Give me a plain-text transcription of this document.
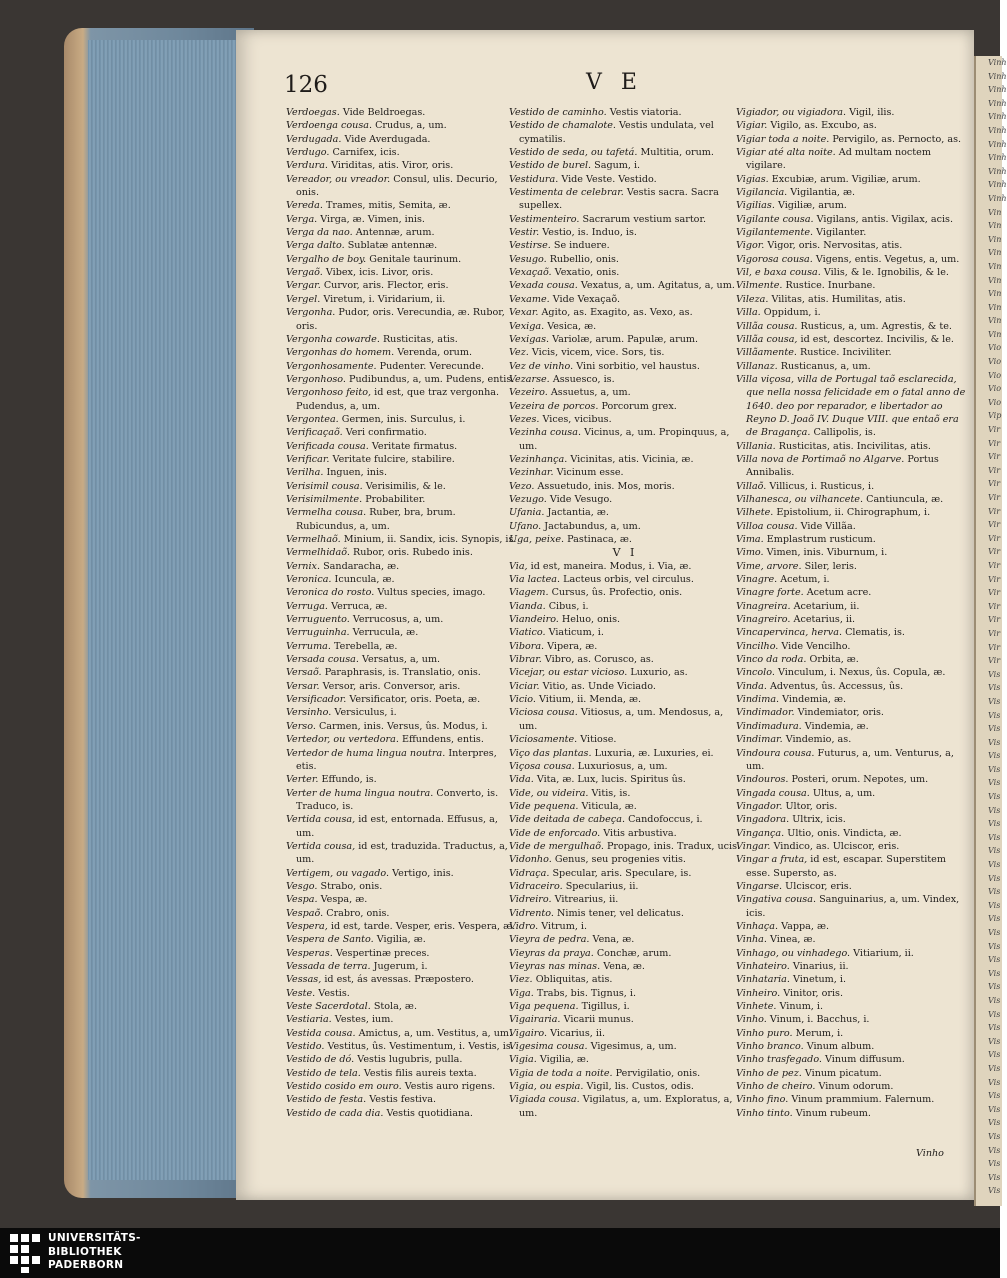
126	V E
Verdoegas. Vide Beldroegas.
Verdoenga cousa. Crudus, a, um.
Verdugada. Vide Averdugada.
Verdugo. Carnifex, icis.
Verdura. Viriditas, atis. Viror, oris.
Vereador, ou vreador. Consul, ulis. Decurio, onis.
Vereda. Trames, mitis, Semita, æ.
Verga. Virga, æ. Vimen, inis.
Verga da nao. Antennæ, arum.
Verga dalto. Sublatæ antennæ.
Vergalho de boy. Genitale taurinum.
Vergaõ. Vibex, icis. Livor, oris.
Vergar. Curvor, aris. Flector, eris.
Vergel. Viretum, i. Viridarium, ii.
Vergonha. Pudor, oris. Verecundia, æ. Rubor, oris.
Vergonha cowarde. Rusticitas, atis.
Vergonhas do homem. Verenda, orum.
Vergonhosamente. Pudenter. Verecunde.
Vergonhoso. Pudibundus, a, um. Pudens, entis.
Vergonhoso feito, id est, que traz vergonha. Pudendus, a, um.
Vergontea. Germen, inis. Surculus, i.
Verificaçaõ. Veri confirmatio.
Verificada cousa. Veritate firmatus.
Verificar. Veritate fulcire, stabilire.
Verilha. Inguen, inis.
Verisimil cousa. Verisimilis, & le.
Verisimilmente. Probabiliter.
Vermelha cousa. Ruber, bra, brum. Rubicundus, a, um.
Vermelhaõ. Minium, ii. Sandix, icis. Synopis, is.
Vermelhidaõ. Rubor, oris. Rubedo inis.
Vernix. Sandaracha, æ.
Veronica. Icuncula, æ.
Veronica do rosto. Vultus species, imago.
Verruga. Verruca, æ.
Verruguento. Verrucosus, a, um.
Verruguinha. Verrucula, æ.
Verruma. Terebella, æ.
Versada cousa. Versatus, a, um.
Versaõ. Paraphrasis, is. Translatio, onis.
Versar. Versor, aris. Conversor, aris.
Versificador. Versificator, oris. Poeta, æ.
Versinho. Versiculus, i.
Verso. Carmen, inis. Versus, ûs. Modus, i.
Vertedor, ou vertedora. Effundens, entis.
Vertedor de huma lingua noutra. Interpres, etis.
Verter. Effundo, is.
Verter de huma lingua noutra. Converto, is. Traduco, is.
Vertida cousa, id est, entornada. Effusus, a, um.
Vertida cousa, id est, traduzida. Traductus, a, um.
Vertigem, ou vagado. Vertigo, inis.
Vesgo. Strabo, onis.
Vespa. Vespa, æ.
Vespaõ. Crabro, onis.
Vespera, id est, tarde. Vesper, eris. Vespera, æ.
Vespera de Santo. Vigilia, æ.
Vesperas. Vespertinæ preces.
Vessada de terra. Jugerum, i.
Vessas, id est, ás avessas. Præpostero.
Veste. Vestis.
Veste Sacerdotal. Stola, æ.
Vestiaria. Vestes, ium.
Vestida cousa. Amictus, a, um. Vestitus, a, um.
Vestido. Vestitus, ûs. Vestimentum, i. Vestis, is.
Vestido de dó. Vestis lugubris, pulla.
Vestido de tela. Vestis filis aureis texta.
Vestido cosido em ouro. Vestis auro rigens.
Vestido de festa. Vestis festiva.
Vestido de cada dia. Vestis quotidiana.
Vestido de caminho. Vestis viatoria.
Vestido de chamalote. Vestis undulata, vel cymatilis.
Vestido de seda, ou tafetá. Multitia, orum.
Vestido de burel. Sagum, i.
Vestidura. Vide Veste. Vestido.
Vestimenta de celebrar. Vestis sacra. Sacra supellex.
Vestimenteiro. Sacrarum vestium sartor.
Vestir. Vestio, is. Induo, is.
Vestirse. Se induere.
Vesugo. Rubellio, onis.
Vexaçaõ. Vexatio, onis.
Vexada cousa. Vexatus, a, um. Agitatus, a, um.
Vexame. Vide Vexaçaõ.
Vexar. Agito, as. Exagito, as. Vexo, as.
Vexiga. Vesica, æ.
Vexigas. Variolæ, arum. Papulæ, arum.
Vez. Vicis, vicem, vice. Sors, tis.
Vez de vinho. Vini sorbitio, vel haustus.
Vezarse. Assuesco, is.
Vezeiro. Assuetus, a, um.
Vezeira de porcos. Porcorum grex.
Vezes. Vices, vicibus.
Vezinha cousa. Vicinus, a, um. Propinquus, a, um.
Vezinhança. Vicinitas, atis. Vicinia, æ.
Vezinhar. Vicinum esse.
Vezo. Assuetudo, inis. Mos, moris.
Vezugo. Vide Vesugo.
Ufania. Jactantia, æ.
Ufano. Jactabundus, a, um.
Uga, peixe. Pastinaca, æ.
V I
Via, id est, maneira. Modus, i. Via, æ.
Via lactea. Lacteus orbis, vel circulus.
Viagem. Cursus, ûs. Profectio, onis.
Vianda. Cibus, i.
Viandeiro. Heluo, onis.
Viatico. Viaticum, i.
Vibora. Vipera, æ.
Vibrar. Vibro, as. Corusco, as.
Vicejar, ou estar vicioso. Luxurio, as.
Viciar. Vitio, as. Unde Viciado.
Vicio. Vitium, ii. Menda, æ.
Viciosa cousa. Vitiosus, a, um. Mendosus, a, um.
Viciosamente. Vitiose.
Viço das plantas. Luxuria, æ. Luxuries, ei.
Viçosa cousa. Luxuriosus, a, um.
Vida. Vita, æ. Lux, lucis. Spiritus ûs.
Vide, ou videira. Vitis, is.
Vide pequena. Viticula, æ.
Vide deitada de cabeça. Candofoccus, i.
Vide de enforcado. Vitis arbustiva.
Vide de mergulhaõ. Propago, inis. Tradux, ucis.
Vidonho. Genus, seu progenies vitis.
Vidraça. Specular, aris. Speculare, is.
Vidraceiro. Specularius, ii.
Vidreiro. Vitrearius, ii.
Vidrento. Nimis tener, vel delicatus.
Vidro. Vitrum, i.
Vieyra de pedra. Vena, æ.
Vieyras da praya. Conchæ, arum.
Vieyras nas minas. Vena, æ.
Viez. Obliquitas, atis.
Viga. Trabs, bis. Tignus, i.
Viga pequena. Tigillus, i.
Vigairaria. Vicarii munus.
Vigairo. Vicarius, ii.
Vigesima cousa. Vigesimus, a, um.
Vigia. Vigilia, æ.
Vigia de toda a noite. Pervigilatio, onis.
Vigia, ou espia. Vigil, lis. Custos, odis.
Vigiada cousa. Vigilatus, a, um. Exploratus, a, um.
Vigiador, ou vigiadora. Vigil, ilis.
Vigiar. Vigilo, as. Excubo, as.
Vigiar toda a noite. Pervigilo, as. Pernocto, as.
Vigiar até alta noite. Ad multam noctem vigilare.
Vigias. Excubiæ, arum. Vigiliæ, arum.
Vigilancia. Vigilantia, æ.
Vigilias. Vigiliæ, arum.
Vigilante cousa. Vigilans, antis. Vigilax, acis.
Vigilantemente. Vigilanter.
Vigor. Vigor, oris. Nervositas, atis.
Vigorosa cousa. Vigens, entis. Vegetus, a, um.
Vil, e baxa cousa. Vilis, & le. Ignobilis, & le.
Vilmente. Rustice. Inurbane.
Vileza. Vilitas, atis. Humilitas, atis.
Villa. Oppidum, i.
Villãa cousa. Rusticus, a, um. Agrestis, & te.
Villãa cousa, id est, descortez. Incivilis, & le.
Villãamente. Rustice. Inciviliter.
Villanaz. Rusticanus, a, um.
Villa viçosa, villa de Portugal taõ esclarecida, que nella nossa felicidade em o fatal anno de 1640. deo por reparador, e libertador ao Reyno D. Joaõ IV. Duque VIII. que entaõ era de Bragança. Callipolis, is.
Villania. Rusticitas, atis. Incivilitas, atis.
Villa nova de Portimaõ no Algarve. Portus Annibalis.
Villaõ. Villicus, i. Rusticus, i.
Vilhanesca, ou vilhancete. Cantiuncula, æ.
Vilhete. Epistolium, ii. Chirographum, i.
Villoa cousa. Vide Villãa.
Vima. Emplastrum rusticum.
Vimo. Vimen, inis. Viburnum, i.
Vime, arvore. Siler, leris.
Vinagre. Acetum, i.
Vinagre forte. Acetum acre.
Vinagreira. Acetarium, ii.
Vinagreiro. Acetarius, ii.
Vincapervinca, herva. Clematis, is.
Vincilho. Vide Vencilho.
Vinco da roda. Orbita, æ.
Vincolo. Vinculum, i. Nexus, ûs. Copula, æ.
Vinda. Adventus, ûs. Accessus, ûs.
Vindima. Vindemia, æ.
Vindimador. Vindemiator, oris.
Vindimadura. Vindemia, æ.
Vindimar. Vindemio, as.
Vindoura cousa. Futurus, a, um. Venturus, a, um.
Vindouros. Posteri, orum. Nepotes, um.
Vingada cousa. Ultus, a, um.
Vingador. Ultor, oris.
Vingadora. Ultrix, icis.
Vingança. Ultio, onis. Vindicta, æ.
Vingar. Vindico, as. Ulciscor, eris.
Vingar a fruta, id est, escapar. Superstitem esse. Supersto, as.
Vingarse. Ulciscor, eris.
Vingativa cousa. Sanguinarius, a, um. Vindex, icis.
Vinhaça. Vappa, æ.
Vinha. Vinea, æ.
Vinhago, ou vinhadego. Vitiarium, ii.
Vinhateiro. Vinarius, ii.
Vinhataria. Vinetum, i.
Vinheiro. Vinitor, oris.
Vinhete. Vinum, i.
Vinho. Vinum, i. Bacchus, i.
Vinho puro. Merum, i.
Vinho branco. Vinum album.
Vinho trasfegado. Vinum diffusum.
Vinho de pez. Vinum picatum.
Vinho de cheiro. Vinum odorum.
Vinho fino. Vinum prammium. Falernum.
Vinho tinto. Vinum rubeum.
Vinho
Vinh
Vinh
Vinh
Vinh
Vinh
Vinh
Vinh
Vinh
Vinh
Vinh
Vinh
Vin
Vin
Vin
Vin
Vin
Vin
Vin
Vin
Vin
Vin
Vio
Vio
Vio
Vio
Vio
Vip
Vir
Vir
Vir
Vir
Vir
Vir
Vir
Vir
Vir
Vir
Vir
Vir
Vir
Vir
Vir
Vir
Vir
Vir
Vis
Vis
Vis
Vis
Vis
Vis
Vis
Vis
Vis
Vis
Vis
Vis
Vis
Vis
Vis
Vis
Vis
Vis
Vis
Vis
Vis
Vis
Vis
Vis
Vis
Vis
Vis
Vis
Vis
Vis
Vis
Vis
Vis
Vis
Vis
Vis
Vis
Vis
Vis
UNIVERSITÄTS-
BIBLIOTHEK
PADERBORN
